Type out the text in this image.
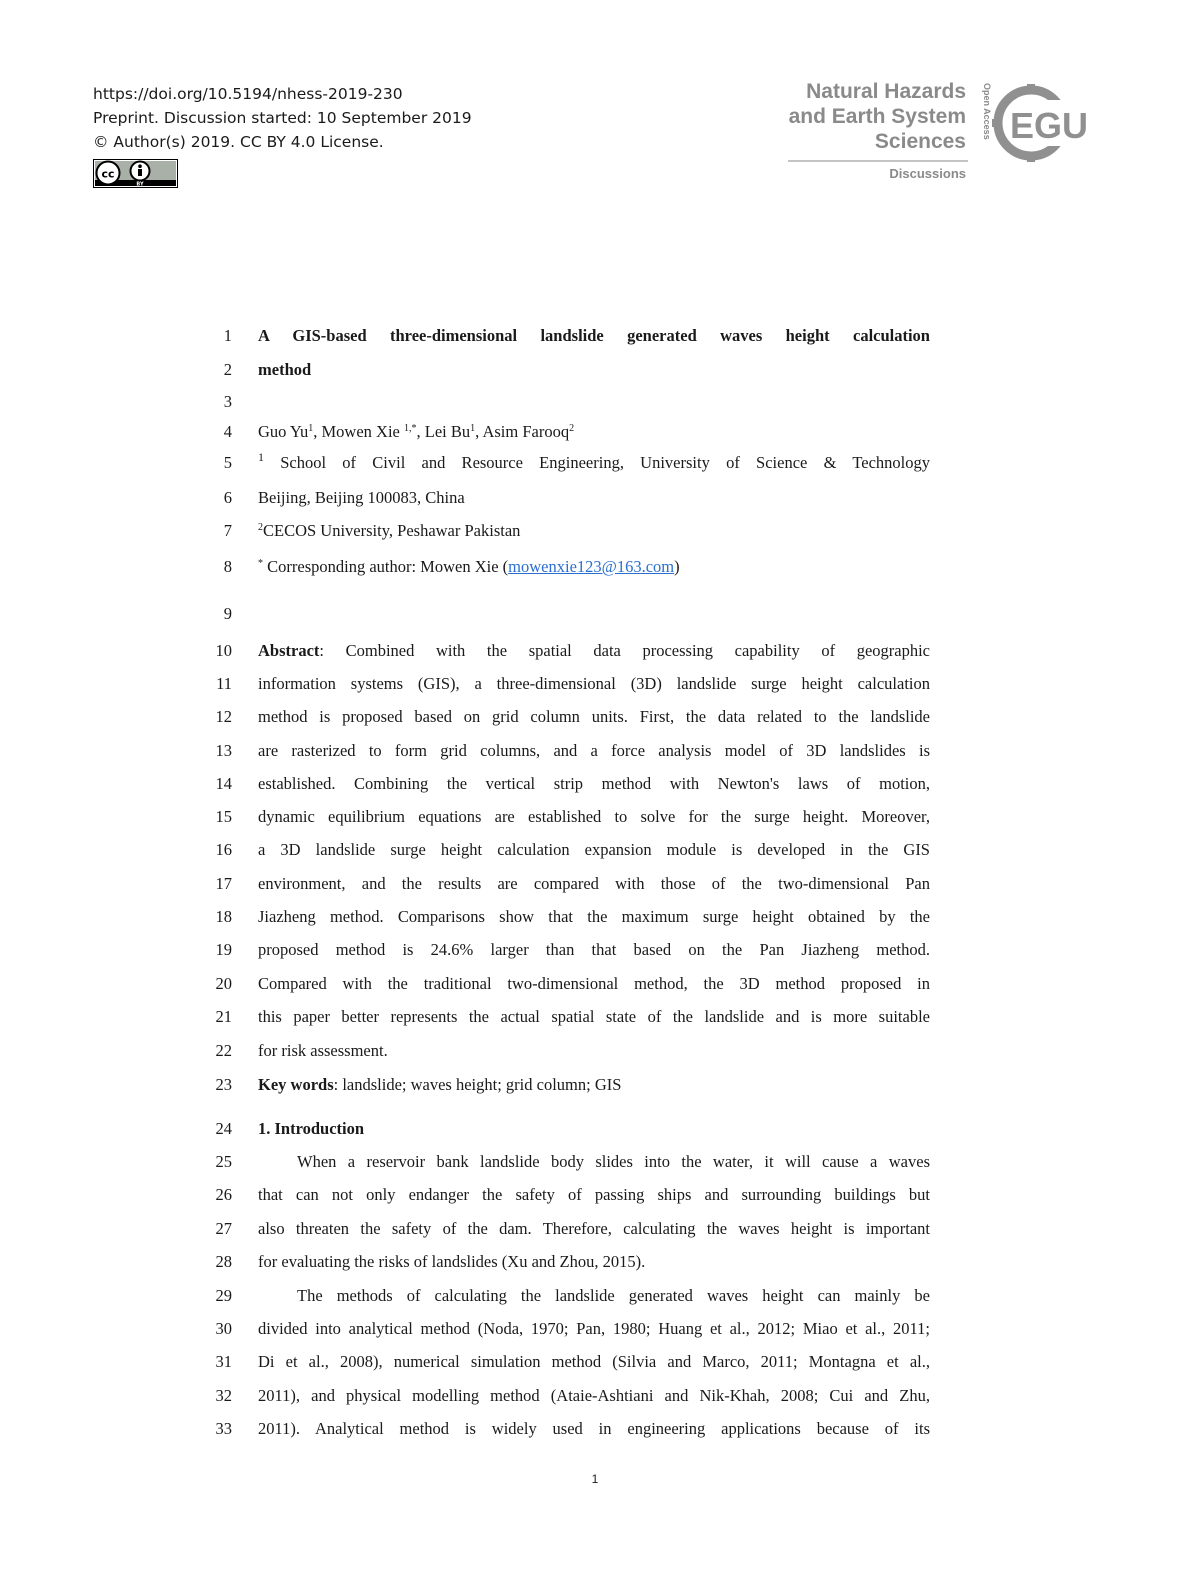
https://doi.org/10.5194/nhess-2019-230
Preprint. Discussion started: 10 September 2019
© Author(s) 2019. CC BY 4.0 License.
cc
BY
Natural Hazards
and Earth System
Sciences
Discussions
Open Access EGU
1
2
3
4
5
6
7
8
9
10
11
12
13
14
15
16
17
18
19
20
21
22
23
24
25
26
27
28
29
30
31
32
33
A GIS-based three-dimensional landslide generated waves height calculation
method
Guo Yu$^1$, Mowen Xie $^{1,*}$, Lei Bu$^1$, Asim Farooq$^2$
$^1$ School of Civil and Resource Engineering, University of Science & Technology
Beijing, Beijing 100083, China
$^2$CECOS University, Peshawar Pakistan
* Corresponding author: Mowen Xie (mowenxie123@163.com)
Abstract: Combined with the spatial data processing capability of geographic
information systems (GIS), a three-dimensional (3D) landslide surge height calculation
method is proposed based on grid column units. First, the data related to the landslide
are rasterized to form grid columns, and a force analysis model of 3D landslides is
established. Combining the vertical strip method with Newton's laws of motion,
dynamic equilibrium equations are established to solve for the surge height. Moreover,
a 3D landslide surge height calculation expansion module is developed in the GIS
environment, and the results are compared with those of the two-dimensional Pan
Jiazheng method. Comparisons show that the maximum surge height obtained by the
proposed method is 24.6% larger than that based on the Pan Jiazheng method.
Compared with the traditional two-dimensional method, the 3D method proposed in
this paper better represents the actual spatial state of the landslide and is more suitable
for risk assessment.
Key words: landslide; waves height; grid column; GIS
1. Introduction
When a reservoir bank landslide body slides into the water, it will cause a waves
that can not only endanger the safety of passing ships and surrounding buildings but
also threaten the safety of the dam. Therefore, calculating the waves height is important
for evaluating the risks of landslides (Xu and Zhou, 2015).
The methods of calculating the landslide generated waves height can mainly be
divided into analytical method (Noda, 1970; Pan, 1980; Huang et al., 2012; Miao et al., 2011;
Di et al., 2008), numerical simulation method (Silvia and Marco, 2011; Montagna et al.,
2011), and physical modelling method (Ataie-Ashtiani and Nik-Khah, 2008; Cui and Zhu,
2011). Analytical method is widely used in engineering applications because of its
1
